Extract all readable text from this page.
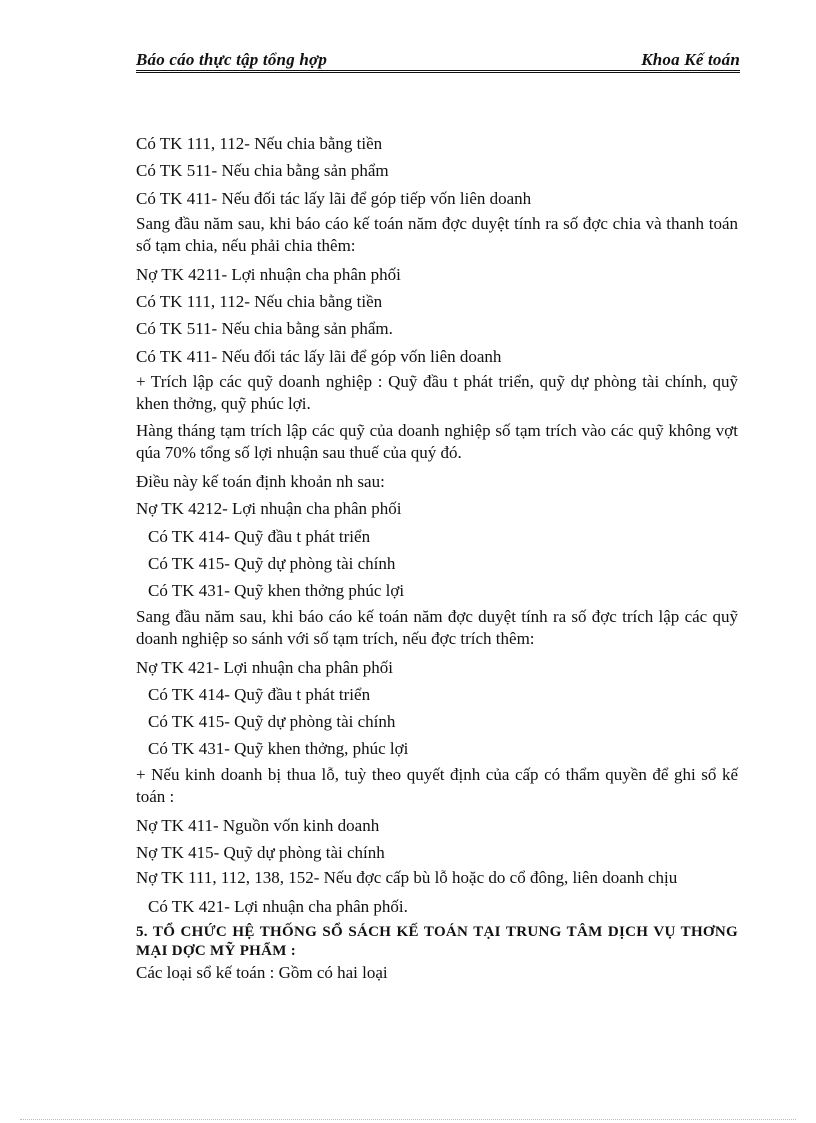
Báo cáo thực tập tổng hợp	Khoa Kế toán

Có TK 111, 112- Nếu chia bằng tiền

Có TK 511- Nếu chia bằng sản phẩm

Có TK 411- Nếu đối tác lấy lãi để góp tiếp vốn liên doanh

Sang đầu năm sau, khi báo cáo kế toán năm đợc duyệt tính ra số đợc chia và thanh toán số tạm chia, nếu phải chia thêm:

Nợ TK 4211- Lợi nhuận cha phân phối

Có TK 111, 112- Nếu chia bằng tiền

Có TK 511- Nếu chia bằng sản phẩm.

Có TK 411- Nếu đối tác lấy lãi để góp vốn liên doanh

+ Trích lập các quỹ doanh nghiệp : Quỹ đầu t phát triển, quỹ dự phòng tài chính, quỹ khen thởng, quỹ phúc lợi.

Hàng tháng tạm trích lập các quỹ của doanh nghiệp số tạm trích vào các quỹ không vợt qúa 70% tổng số lợi nhuận sau thuế của quý đó.

Điều này kế toán định khoản nh sau:

Nợ TK 4212- Lợi nhuận cha phân phối

Có TK 414- Quỹ đầu t phát triển

Có TK 415- Quỹ dự phòng tài chính

Có TK 431- Quỹ khen thởng phúc lợi

Sang đầu năm sau, khi báo cáo kế toán năm đợc duyệt tính ra số đợc trích lập các quỹ doanh nghiệp so sánh với số tạm trích, nếu đợc trích thêm:

Nợ TK 421- Lợi nhuận cha phân phối

Có TK 414- Quỹ đầu t phát triển

Có TK 415- Quỹ dự phòng tài chính

Có TK 431- Quỹ khen thởng, phúc lợi

+ Nếu kinh doanh bị thua lỗ, tuỳ theo quyết định của cấp có thẩm quyền để ghi sổ kế toán :

Nợ TK 411- Nguồn vốn kinh doanh

Nợ TK 415- Quỹ dự phòng tài chính

Nợ TK 111, 112, 138, 152- Nếu đợc cấp bù lỗ hoặc do cổ đông, liên doanh chịu

Có TK 421- Lợi nhuận cha phân phối.

5. TỔ CHỨC HỆ THỐNG SỔ SÁCH KẾ TOÁN TẠI TRUNG TÂM DỊCH VỤ THƠNG MẠI DỢC MỸ PHẨM :

Các loại sổ kế toán : Gồm có hai loại
